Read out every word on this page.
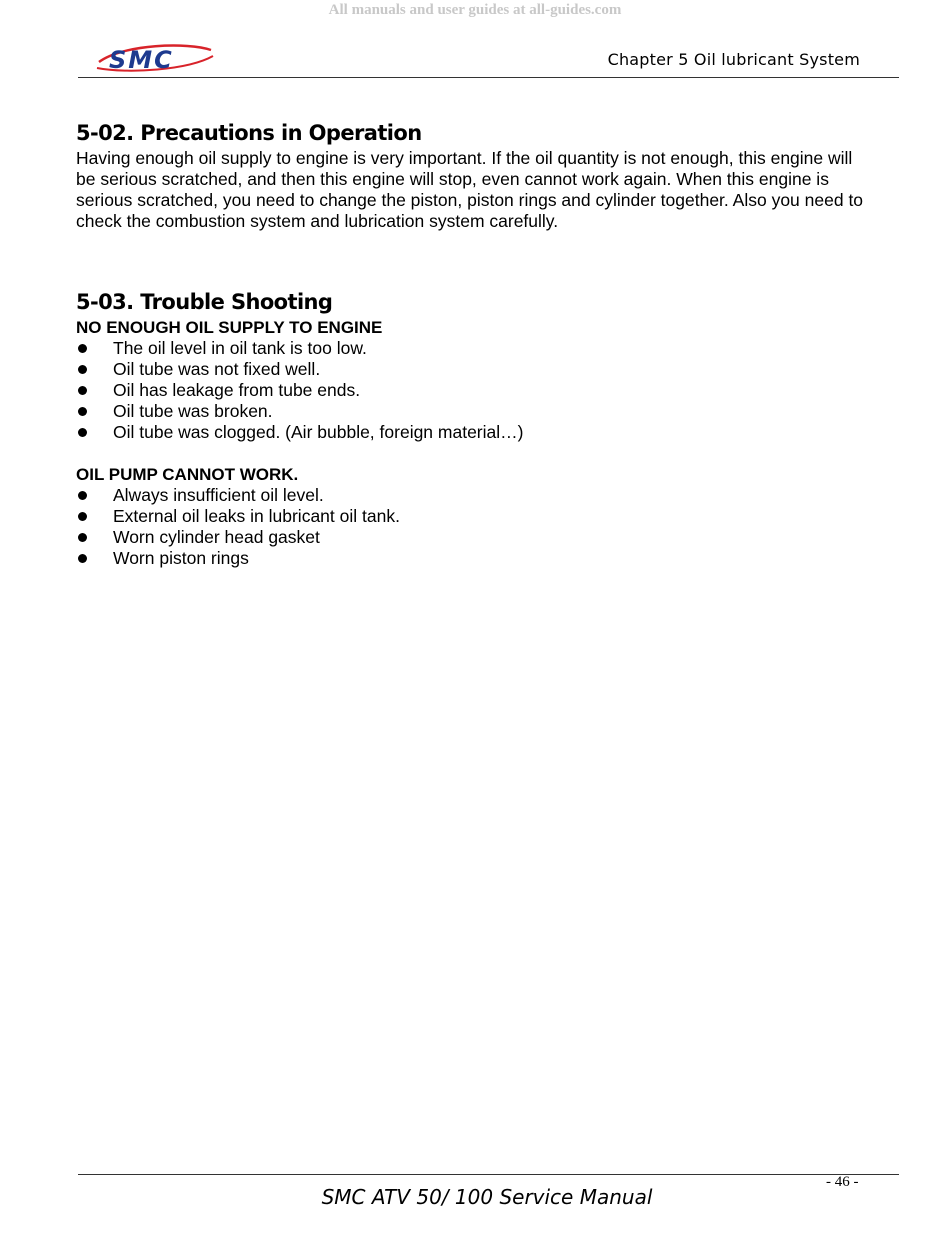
All manuals and user guides at all-guides.com
SMC	Chapter 5 Oil lubricant System
5-02. Precautions in Operation

Having enough oil supply to engine is very important. If the oil quantity is not enough, this engine will be serious scratched, and then this engine will stop, even cannot work again. When this engine is serious scratched, you need to change the piston, piston rings and cylinder together. Also you need to check the combustion system and lubrication system carefully.

5-03. Trouble Shooting

NO ENOUGH OIL SUPPLY TO ENGINE

The oil level in oil tank is too low.
Oil tube was not fixed well.
Oil has leakage from tube ends.
Oil tube was broken.
Oil tube was clogged. (Air bubble, foreign material…)

OIL PUMP CANNOT WORK.

Always insufficient oil level.
External oil leaks in lubricant oil tank.
Worn cylinder head gasket
Worn piston rings
- 46 -
SMC ATV 50/ 100 Service Manual
